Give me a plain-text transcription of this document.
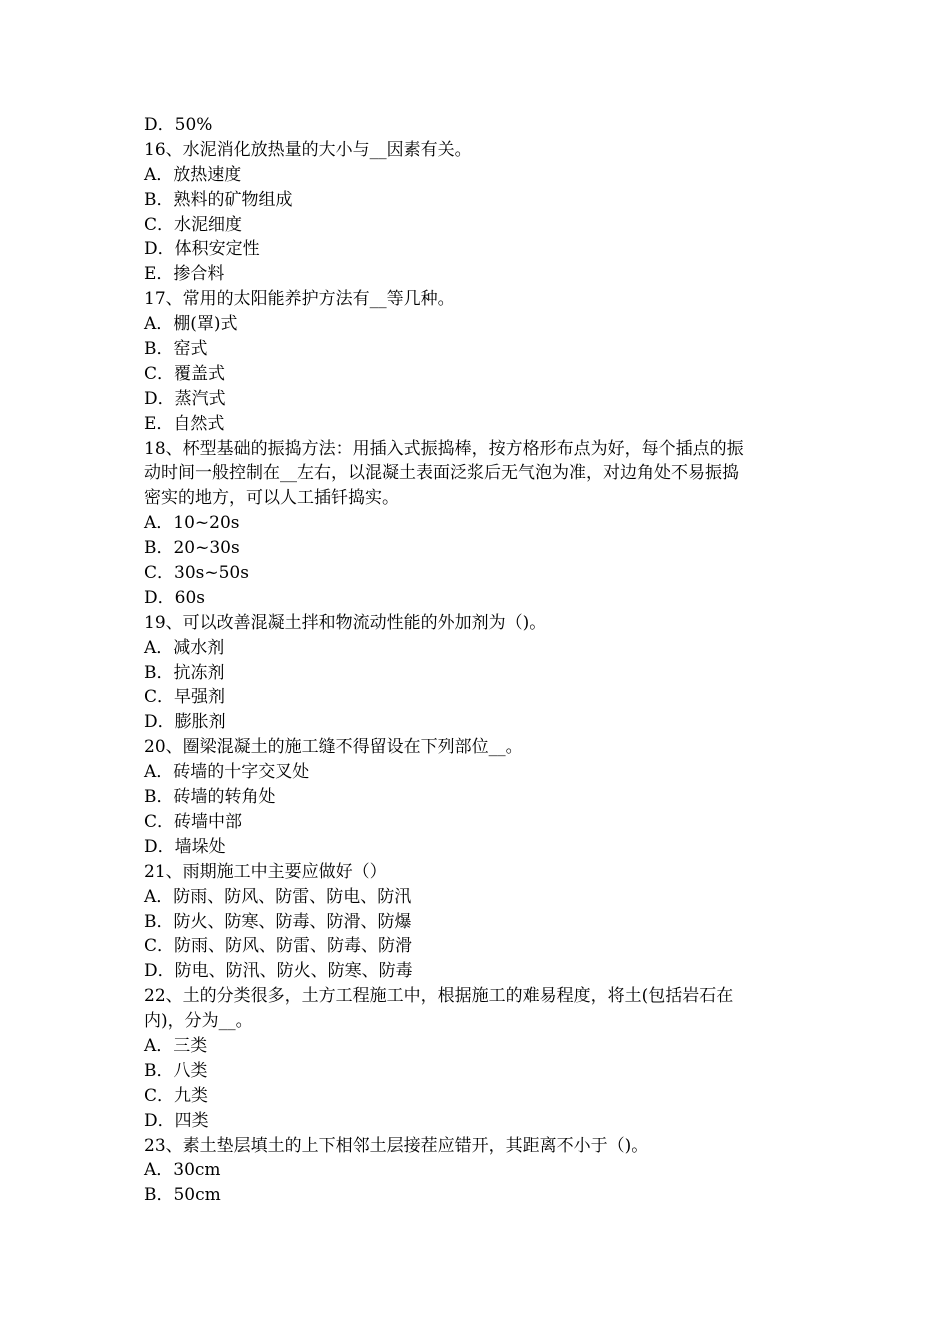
D．50%
16、水泥消化放热量的大小与__因素有关。
A．放热速度
B．熟料的矿物组成
C．水泥细度
D．体积安定性
E．掺合料
17、常用的太阳能养护方法有__等几种。
A．棚(罩)式
B．窑式
C．覆盖式
D．蒸汽式
E．自然式
18、杯型基础的振捣方法：用插入式振捣棒，按方格形布点为好，每个插点的振
动时间一般控制在__左右，以混凝土表面泛浆后无气泡为准，对边角处不易振捣
密实的地方，可以人工插钎捣实。
A．10~20s
B．20~30s
C．30s~50s
D．60s
19、可以改善混凝土拌和物流动性能的外加剂为（)。
A．减水剂
B．抗冻剂
C．早强剂
D．膨胀剂
20、圈梁混凝土的施工缝不得留设在下列部位__。
A．砖墙的十字交叉处
B．砖墙的转角处
C．砖墙中部
D．墙垛处
21、雨期施工中主要应做好（）
A．防雨、防风、防雷、防电、防汛
B．防火、防寒、防毒、防滑、防爆
C．防雨、防风、防雷、防毒、防滑
D．防电、防汛、防火、防寒、防毒
22、土的分类很多，土方工程施工中，根据施工的难易程度，将土(包括岩石在
内)，分为__。
A．三类
B．八类
C．九类
D．四类
23、素土垫层填土的上下相邻土层接茬应错开，其距离不小于（)。
A．30cm
B．50cm
